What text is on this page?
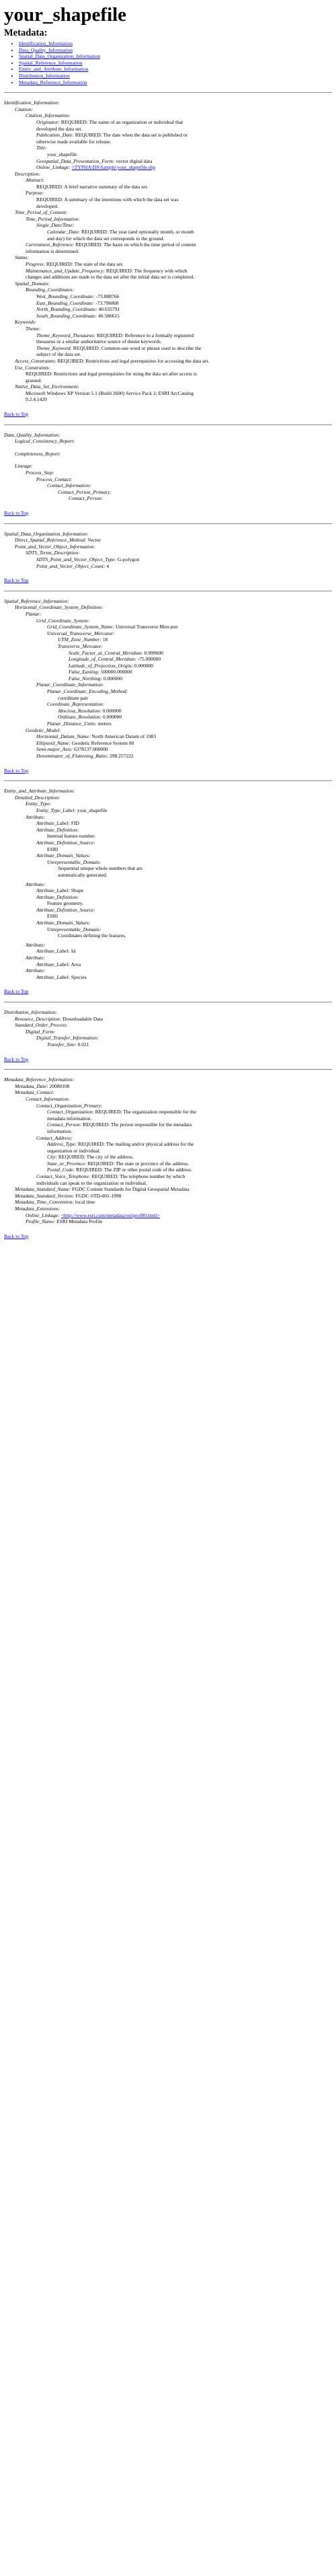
your_shapefile
Metadata:
• Identification_Information
• Data_Quality_Information
• Spatial_Data_Organization_Information
• Spatial_Reference_Information
• Entity_and_Attribute_Information
• Distribution_Information
• Metadata_Reference_Information
Identification_Information:
Citation:
Citation_Information:
Originator: REQUIRED: The name of an organization or individual that developed the data set.
Publication_Date: REQUIRED: The date when the data set is published or otherwise made available for release.
Title:
your_shapefile
Geospatial_Data_Presentation_Form: vector digital data
Online_Linkage: \\TYPHA\DS\Sample\your_shapefile.shp
Description:
Abstract:
REQUIRED: A brief narrative summary of the data set.
Purpose:
REQUIRED: A summary of the intentions with which the data set was developed.
Time_Period_of_Content:
Time_Period_Information:
Single_Date/Time:
Calendar_Date: REQUIRED: The year (and optionally month, or month and day) for which the data set corresponds to the ground.
Currentness_Reference: REQUIRED: The basis on which the time period of content information is determined.
Status:
Progress: REQUIRED: The state of the data set.
Maintenance_and_Update_Frequency: REQUIRED: The frequency with which changes and additions are made to the data set after the initial data set is completed.
Spatial_Domain:
Bounding_Coordinates:
West_Bounding_Coordinate: -73.888766
East_Bounding_Coordinate: -73.796868
North_Bounding_Coordinate: 40.635791
South_Bounding_Coordinate: 40.586615
Keywords:
Theme:
Theme_Keyword_Thesaurus: REQUIRED: Reference to a formally registered thesaurus or a similar authoritative source of theme keywords.
Theme_Keyword: REQUIRED: Common-use word or phrase used to describe the subject of the data set.
Access_Constraints: REQUIRED: Restrictions and legal prerequisites for accessing the data set.
Use_Constraints:
REQUIRED: Restrictions and legal prerequisites for using the data set after access is granted.
Native_Data_Set_Environment:
Microsoft Windows XP Version 5.1 (Build 2600) Service Pack 2; ESRI ArcCatalog 9.2.4.1420
Back to Top
Data_Quality_Information:
Logical_Consistency_Report:
Completeness_Report:
Lineage:
Process_Step:
Process_Contact:
Contact_Information:
Contact_Person_Primary:
Contact_Person:
Back to Top
Spatial_Data_Organization_Information:
Direct_Spatial_Reference_Method: Vector
Point_and_Vector_Object_Information:
SDTS_Terms_Description:
SDTS_Point_and_Vector_Object_Type: G-polygon
Point_and_Vector_Object_Count: 4
Back to Top
Spatial_Reference_Information:
Horizontal_Coordinate_System_Definition:
Planar:
Grid_Coordinate_System:
Grid_Coordinate_System_Name: Universal Transverse Mercator
Universal_Transverse_Mercator:
UTM_Zone_Number: 18
Transverse_Mercator:
Scale_Factor_at_Central_Meridian: 0.999600
Longitude_of_Central_Meridian: -75.000000
Latitude_of_Projection_Origin: 0.000000
False_Easting: 500000.000000
False_Northing: 0.000000
Planar_Coordinate_Information:
Planar_Coordinate_Encoding_Method:
coordinate pair
Coordinate_Representation:
Abscissa_Resolution: 0.000000
Ordinate_Resolution: 0.000000
Planar_Distance_Units: meters
Geodetic_Model:
Horizontal_Datum_Name: North American Datum of 1983
Ellipsoid_Name: Geodetic Reference System 80
Semi-major_Axis: 6378137.000000
Denominator_of_Flattening_Ratio: 298.257222
Back to Top
Entity_and_Attribute_Information:
Detailed_Description:
Entity_Type:
Entity_Type_Label: your_shapefile
Attribute:
Attribute_Label: FID
Attribute_Definition:
Internal feature number.
Attribute_Definition_Source:
ESRI
Attribute_Domain_Values:
Unrepresentable_Domain:
Sequential unique whole numbers that are automatically generated.
Attribute:
Attribute_Label: Shape
Attribute_Definition:
Feature geometry.
Attribute_Definition_Source:
ESRI
Attribute_Domain_Values:
Unrepresentable_Domain:
Coordinates defining the features.
Attribute:
Attribute_Label: Id
Attribute:
Attribute_Label: Area
Attribute:
Attribute_Label: Species
Back to Top
Distribution_Information:
Resource_Description: Downloadable Data
Standard_Order_Process:
Digital_Form:
Digital_Transfer_Information:
Transfer_Size: 0.021
Back to Top
Metadata_Reference_Information:
Metadata_Date: 20080108
Metadata_Contact:
Contact_Information:
Contact_Organization_Primary:
Contact_Organization: REQUIRED: The organization responsible for the metadata information.
Contact_Person: REQUIRED: The person responsible for the metadata information.
Contact_Address:
Address_Type: REQUIRED: The mailing and/or physical address for the organization or individual.
City: REQUIRED: The city of the address.
State_or_Province: REQUIRED: The state or province of the address.
Postal_Code: REQUIRED: The ZIP or other postal code of the address.
Contact_Voice_Telephone: REQUIRED: The telephone number by which individuals can speak to the organization or individual.
Metadata_Standard_Name: FGDC Content Standards for Digital Geospatial Metadata
Metadata_Standard_Version: FGDC-STD-001-1998
Metadata_Time_Convention: local time
Metadata_Extensions:
Online_Linkage: <http://www.esri.com/metadata/esriprof80.html>
Profile_Name: ESRI Metadata Profile
Back to Top
